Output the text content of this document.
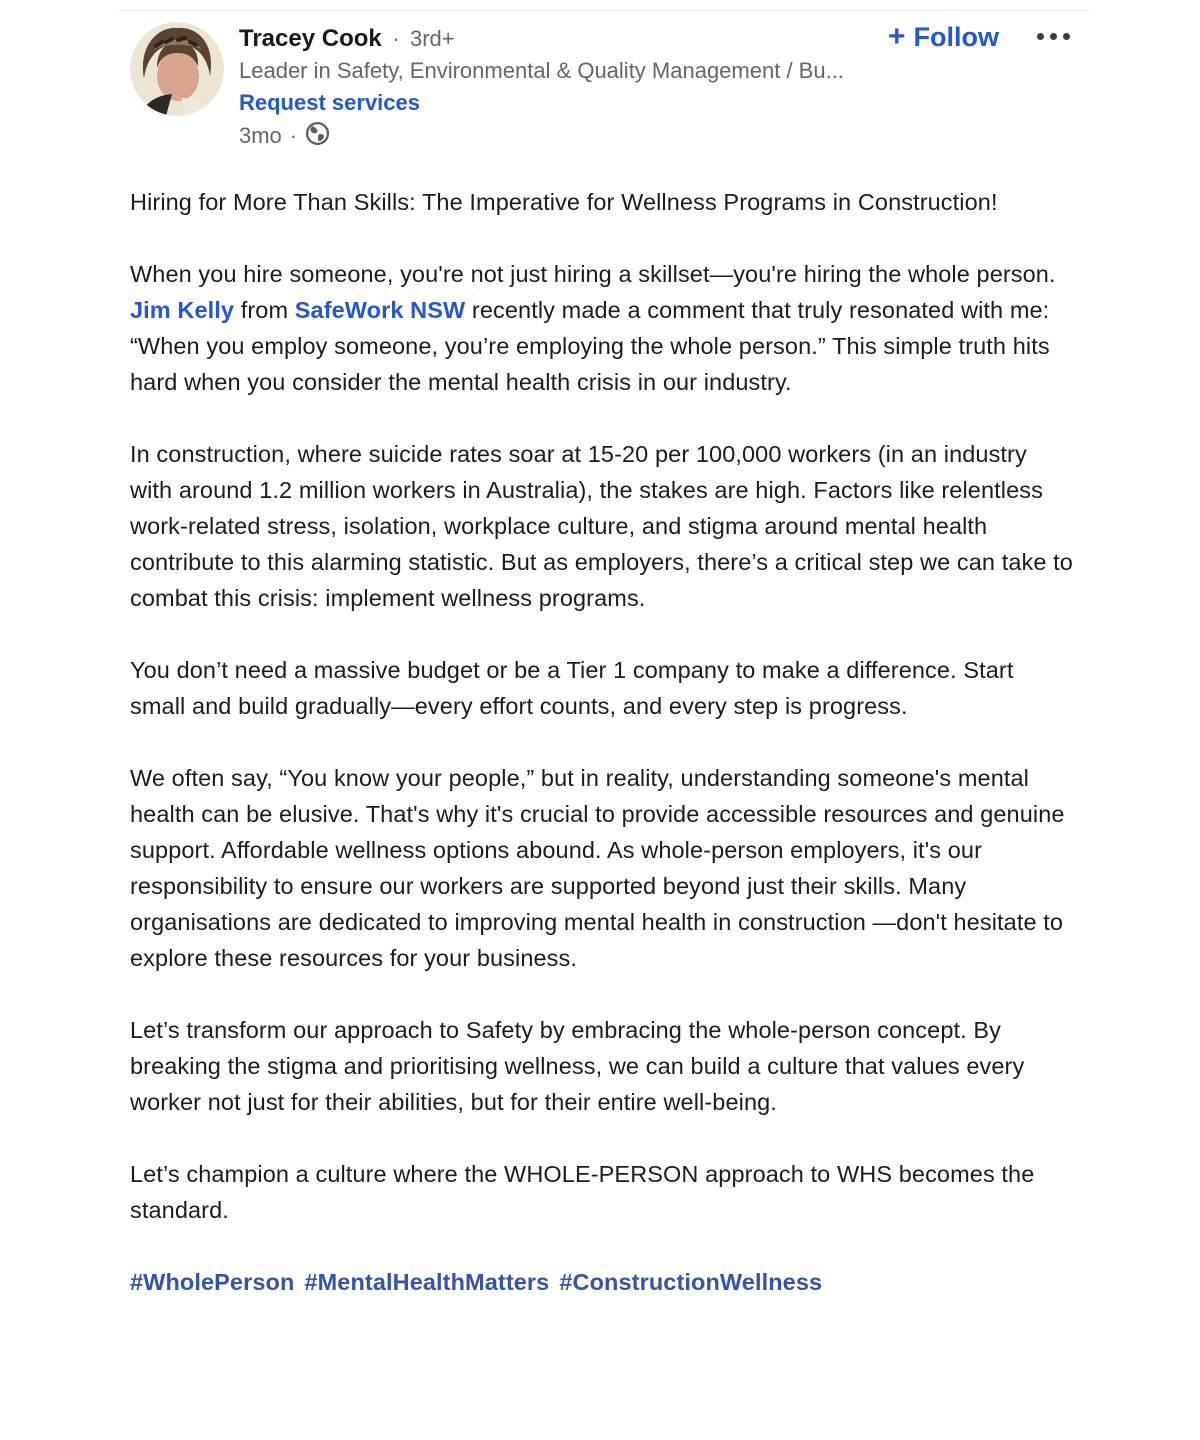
Tracey Cook · 3rd+
Leader in Safety, Environmental & Quality Management / Bu...
Request services
3mo ·
+ Follow

Hiring for More Than Skills: The Imperative for Wellness Programs in Construction!

When you hire someone, you're not just hiring a skillset—you're hiring the whole person. Jim Kelly from SafeWork NSW recently made a comment that truly resonated with me: “When you employ someone, you’re employing the whole person.” This simple truth hits hard when you consider the mental health crisis in our industry.

In construction, where suicide rates soar at 15-20 per 100,000 workers (in an industry with around 1.2 million workers in Australia), the stakes are high. Factors like relentless work-related stress, isolation, workplace culture, and stigma around mental health contribute to this alarming statistic. But as employers, there’s a critical step we can take to combat this crisis: implement wellness programs.

You don’t need a massive budget or be a Tier 1 company to make a difference. Start small and build gradually—every effort counts, and every step is progress.

We often say, “You know your people,” but in reality, understanding someone's mental health can be elusive. That's why it's crucial to provide accessible resources and genuine support. Affordable wellness options abound. As whole-person employers, it's our responsibility to ensure our workers are supported beyond just their skills. Many organisations are dedicated to improving mental health in construction —don't hesitate to explore these resources for your business.

Let’s transform our approach to Safety by embracing the whole-person concept. By breaking the stigma and prioritising wellness, we can build a culture that values every worker not just for their abilities, but for their entire well-being.

Let’s champion a culture where the WHOLE-PERSON approach to WHS becomes the standard.

#WholePerson #MentalHealthMatters #ConstructionWellness
